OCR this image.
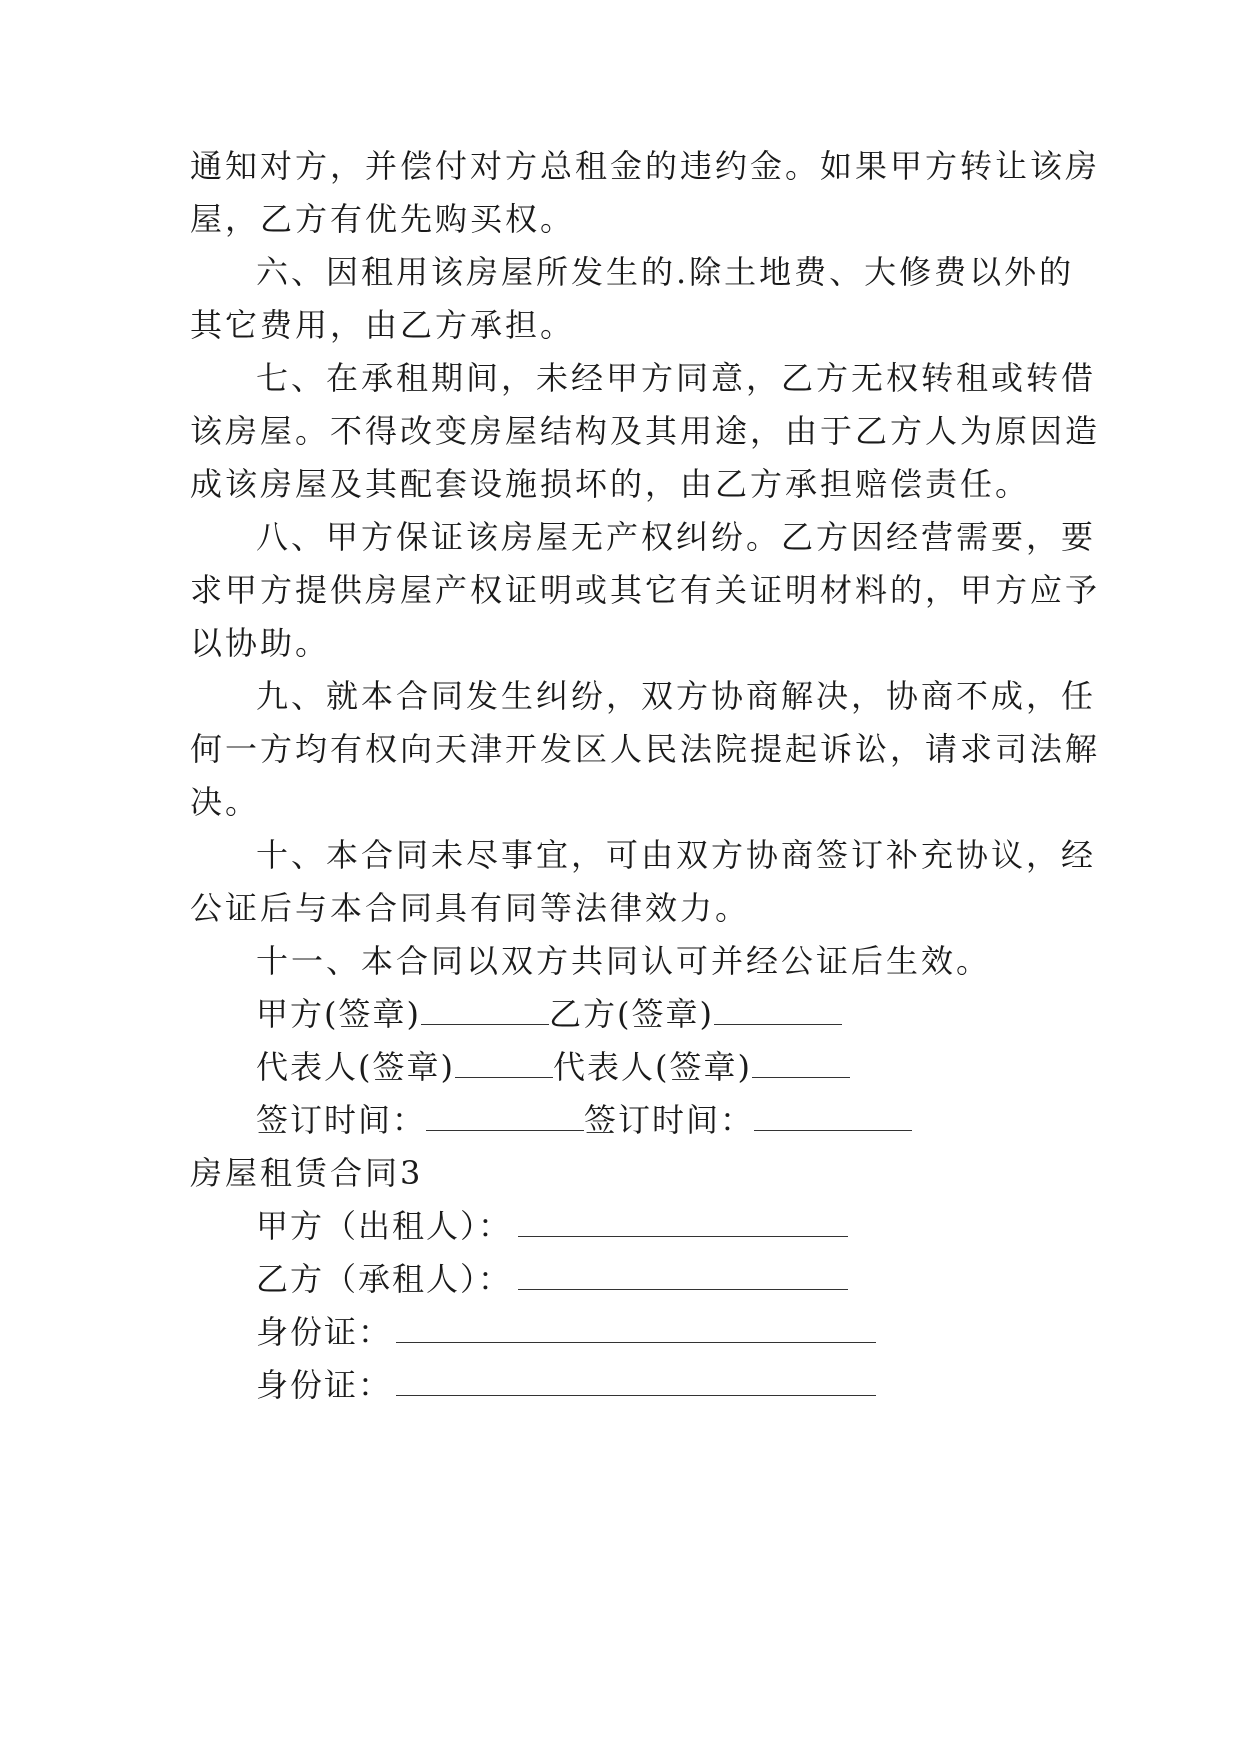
通知对方，并偿付对方总租金的违约金。如果甲方转让该房
屋，乙方有优先购买权。
六、因租用该房屋所发生的.除土地费、大修费以外的
其它费用，由乙方承担。
七、在承租期间，未经甲方同意，乙方无权转租或转借
该房屋。不得改变房屋结构及其用途，由于乙方人为原因造
成该房屋及其配套设施损坏的，由乙方承担赔偿责任。
八、甲方保证该房屋无产权纠纷。乙方因经营需要，要
求甲方提供房屋产权证明或其它有关证明材料的，甲方应予
以协助。
九、就本合同发生纠纷，双方协商解决，协商不成，任
何一方均有权向天津开发区人民法院提起诉讼，请求司法解
决。
十、本合同未尽事宜，可由双方协商签订补充协议，经
公证后与本合同具有同等法律效力。
十一、本合同以双方共同认可并经公证后生效。
甲方(签章)	乙方(签章)
代表人(签章)	代表人(签章)
签订时间：	签订时间：
房屋租赁合同3
甲方（出租人）：
乙方（承租人）：
身份证：
身份证：
